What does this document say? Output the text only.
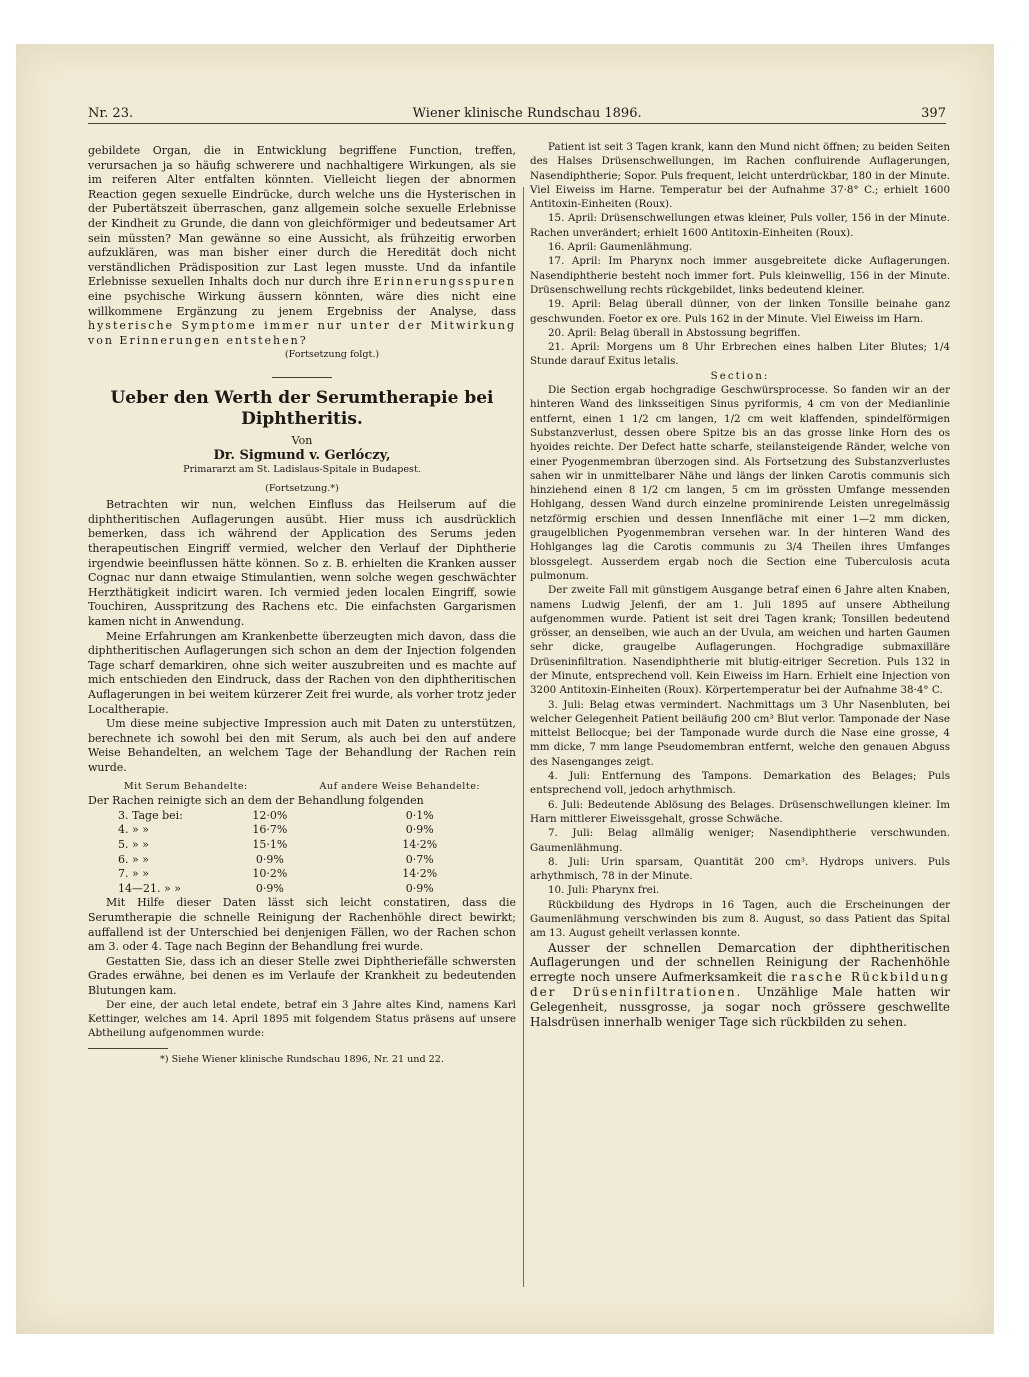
Nr. 23.	Wiener klinische Rundschau 1896.	397

gebildete Organ, die in Entwicklung begriffene Function, treffen, verursachen ja so häufig schwerere und nachhaltigere Wirkungen, als sie im reiferen Alter entfalten könnten. Vielleicht liegen der abnormen Reaction gegen sexuelle Eindrücke, durch welche uns die Hysterischen in der Pubertätszeit überraschen, ganz allgemein solche sexuelle Erlebnisse der Kindheit zu Grunde, die dann von gleichförmiger und bedeutsamer Art sein müssten? Man gewänne so eine Aussicht, als frühzeitig erworben aufzuklären, was man bisher einer durch die Heredität doch nicht verständlichen Prädisposition zur Last legen musste. Und da infantile Erlebnisse sexuellen Inhalts doch nur durch ihre Erinnerungsspuren eine psychische Wirkung äussern könnten, wäre dies nicht eine willkommene Ergänzung zu jenem Ergebniss der Analyse, dass hysterische Symptome immer nur unter der Mitwirkung von Erinnerungen entstehen?

(Fortsetzung folgt.)

Ueber den Werth der Serumtherapie bei Diphtheritis.

Von

Dr. Sigmund v. Gerlóczy,

Primararzt am St. Ladislaus-Spitale in Budapest.

(Fortsetzung.*)

Betrachten wir nun, welchen Einfluss das Heilserum auf die diphtheritischen Auflagerungen ausübt. Hier muss ich ausdrücklich bemerken, dass ich während der Application des Serums jeden therapeutischen Eingriff vermied, welcher den Verlauf der Diphtherie irgendwie beeinflussen hätte können. So z. B. erhielten die Kranken ausser Cognac nur dann etwaige Stimulantien, wenn solche wegen geschwächter Herzthätigkeit indicirt waren. Ich vermied jeden localen Eingriff, sowie Touchiren, Ausspritzung des Rachens etc. Die einfachsten Gargarismen kamen nicht in Anwendung.

Meine Erfahrungen am Krankenbette überzeugten mich davon, dass die diphtheritischen Auflagerungen sich schon an dem der Injection folgenden Tage scharf demarkiren, ohne sich weiter auszubreiten und es machte auf mich entschieden den Eindruck, dass der Rachen von den diphtheritischen Auflagerungen in bei weitem kürzerer Zeit frei wurde, als vorher trotz jeder Localtherapie.

Um diese meine subjective Impression auch mit Daten zu unterstützen, berechnete ich sowohl bei den mit Serum, als auch bei den auf andere Weise Behandelten, an welchem Tage der Behandlung der Rachen rein wurde.

Mit Serum Behandelte:	Auf andere Weise Behandelte:

Der Rachen reinigte sich an dem der Behandlung folgenden

3. Tage bei:	12·0%	0·1%
4. » »	16·7%	0·9%
5. » »	15·1%	14·2%
6. » »	0·9%	0·7%
7. » »	10·2%	14·2%
14—21. » »	0·9%	0·9%

Mit Hilfe dieser Daten lässt sich leicht constatiren, dass die Serumtherapie die schnelle Reinigung der Rachenhöhle direct bewirkt; auffallend ist der Unterschied bei denjenigen Fällen, wo der Rachen schon am 3. oder 4. Tage nach Beginn der Behandlung frei wurde.

Gestatten Sie, dass ich an dieser Stelle zwei Diphtheriefälle schwersten Grades erwähne, bei denen es im Verlaufe der Krankheit zu bedeutenden Blutungen kam.

Der eine, der auch letal endete, betraf ein 3 Jahre altes Kind, namens Karl Kettinger, welches am 14. April 1895 mit folgendem Status präsens auf unsere Abtheilung aufgenommen wurde:

*) Siehe Wiener klinische Rundschau 1896, Nr. 21 und 22.

Patient ist seit 3 Tagen krank, kann den Mund nicht öffnen; zu beiden Seiten des Halses Drüsenschwellungen, im Rachen confluirende Auflagerungen, Nasendiphtherie; Sopor. Puls frequent, leicht unterdrückbar, 180 in der Minute. Viel Eiweiss im Harne. Temperatur bei der Aufnahme 37·8° C.; erhielt 1600 Antitoxin-Einheiten (Roux).

15. April: Drüsenschwellungen etwas kleiner, Puls voller, 156 in der Minute. Rachen unverändert; erhielt 1600 Antitoxin-Einheiten (Roux).

16. April: Gaumenlähmung.

17. April: Im Pharynx noch immer ausgebreitete dicke Auflagerungen. Nasendiphtherie besteht noch immer fort. Puls kleinwellig, 156 in der Minute. Drüsenschwellung rechts rückgebildet, links bedeutend kleiner.

19. April: Belag überall dünner, von der linken Tonsille beinahe ganz geschwunden. Foetor ex ore. Puls 162 in der Minute. Viel Eiweiss im Harn.

20. April: Belag überall in Abstossung begriffen.

21. April: Morgens um 8 Uhr Erbrechen eines halben Liter Blutes; 1/4 Stunde darauf Exitus letalis.

Section:

Die Section ergab hochgradige Geschwürsprocesse. So fanden wir an der hinteren Wand des linksseitigen Sinus pyriformis, 4 cm von der Medianlinie entfernt, einen 1 1/2 cm langen, 1/2 cm weit klaffenden, spindelförmigen Substanzverlust, dessen obere Spitze bis an das grosse linke Horn des os hyoides reichte. Der Defect hatte scharfe, steilansteigende Ränder, welche von einer Pyogenmembran überzogen sind. Als Fortsetzung des Substanzverlustes sahen wir in unmittelbarer Nähe und längs der linken Carotis communis sich hinziehend einen 8 1/2 cm langen, 5 cm im grössten Umfange messenden Hohlgang, dessen Wand durch einzelne prominirende Leisten unregelmässig netzförmig erschien und dessen Innenfläche mit einer 1—2 mm dicken, graugelblichen Pyogenmembran versehen war. In der hinteren Wand des Hohlganges lag die Carotis communis zu 3/4 Theilen ihres Umfanges blossgelegt. Ausserdem ergab noch die Section eine Tuberculosis acuta pulmonum.

Der zweite Fall mit günstigem Ausgange betraf einen 6 Jahre alten Knaben, namens Ludwig Jelenfi, der am 1. Juli 1895 auf unsere Abtheilung aufgenommen wurde. Patient ist seit drei Tagen krank; Tonsillen bedeutend grösser, an denselben, wie auch an der Uvula, am weichen und harten Gaumen sehr dicke, graugelbe Auflagerungen. Hochgradige submaxilläre Drüseninfiltration. Nasendiphtherie mit blutig-eitriger Secretion. Puls 132 in der Minute, entsprechend voll. Kein Eiweiss im Harn. Erhielt eine Injection von 3200 Antitoxin-Einheiten (Roux). Körpertemperatur bei der Aufnahme 38·4° C.

3. Juli: Belag etwas vermindert. Nachmittags um 3 Uhr Nasenbluten, bei welcher Gelegenheit Patient beiläufig 200 cm³ Blut verlor. Tamponade der Nase mittelst Bellocque; bei der Tamponade wurde durch die Nase eine grosse, 4 mm dicke, 7 mm lange Pseudomembran entfernt, welche den genauen Abguss des Nasenganges zeigt.

4. Juli: Entfernung des Tampons. Demarkation des Belages; Puls entsprechend voll, jedoch arhythmisch.

6. Juli: Bedeutende Ablösung des Belages. Drüsenschwellungen kleiner. Im Harn mittlerer Eiweissgehalt, grosse Schwäche.

7. Juli: Belag allmälig weniger; Nasendiphtherie verschwunden. Gaumenlähmung.

8. Juli: Urin sparsam, Quantität 200 cm³. Hydrops univers. Puls arhythmisch, 78 in der Minute.

10. Juli: Pharynx frei.

Rückbildung des Hydrops in 16 Tagen, auch die Erscheinungen der Gaumenlähmung verschwinden bis zum 8. August, so dass Patient das Spital am 13. August geheilt verlassen konnte.

Ausser der schnellen Demarcation der diphtheritischen Auflagerungen und der schnellen Reinigung der Rachenhöhle erregte noch unsere Aufmerksamkeit die rasche Rückbildung der Drüseninfiltrationen. Unzählige Male hatten wir Gelegenheit, nussgrosse, ja sogar noch grössere geschwellte Halsdrüsen innerhalb weniger Tage sich rückbilden zu sehen.
